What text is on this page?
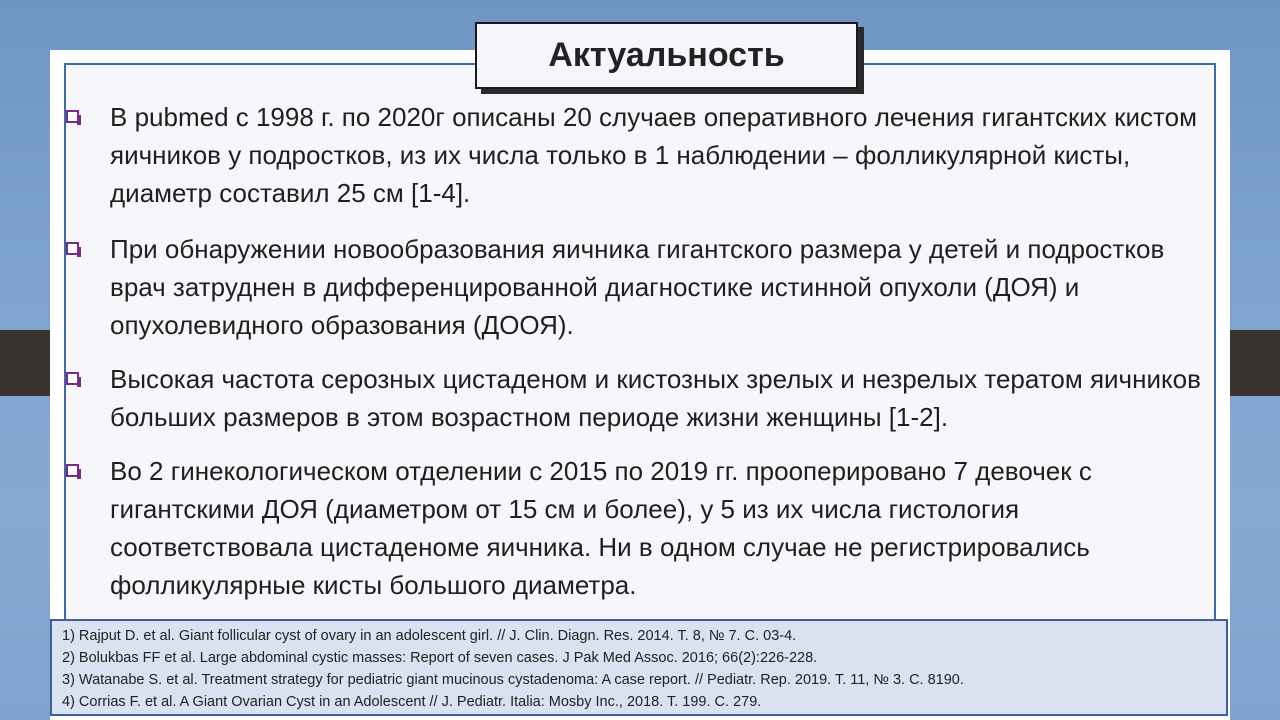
Актуальность
В pubmed с 1998 г. по 2020г описаны 20 случаев оперативного лечения гигантских кистом яичников у подростков, из их числа только в 1 наблюдении – фолликулярной кисты, диаметр составил 25 см [1-4].
При обнаружении новообразования яичника гигантского размера у детей и подростков врач затруднен в дифференцированной диагностике истинной опухоли (ДОЯ) и опухолевидного образования (ДООЯ).
Высокая частота серозных цистаденом и кистозных зрелых и незрелых тератом яичников больших размеров в этом возрастном периоде жизни женщины [1-2].
Во 2 гинекологическом отделении с 2015 по 2019 гг. прооперировано 7 девочек с гигантскими ДОЯ (диаметром от 15 см и более), у 5 из их числа гистология соответствовала цистаденоме яичника. Ни в одном случае не регистрировались фолликулярные кисты большого диаметра.
1) Rajput D. et al. Giant follicular cyst of ovary in an adolescent girl. // J. Clin. Diagn. Res. 2014. T. 8, № 7. C. 03-4.
2) Bolukbas FF et al. Large abdominal cystic masses: Report of seven cases. J Pak Med Assoc. 2016; 66(2):226-228.
3) Watanabe S. et al. Treatment strategy for pediatric giant mucinous cystadenoma: A case report. // Pediatr. Rep. 2019. T. 11, № 3. C. 8190.
4) Corrias F. et al. A Giant Ovarian Cyst in an Adolescent // J. Pediatr. Italia: Mosby Inc., 2018. T. 199. C. 279.
